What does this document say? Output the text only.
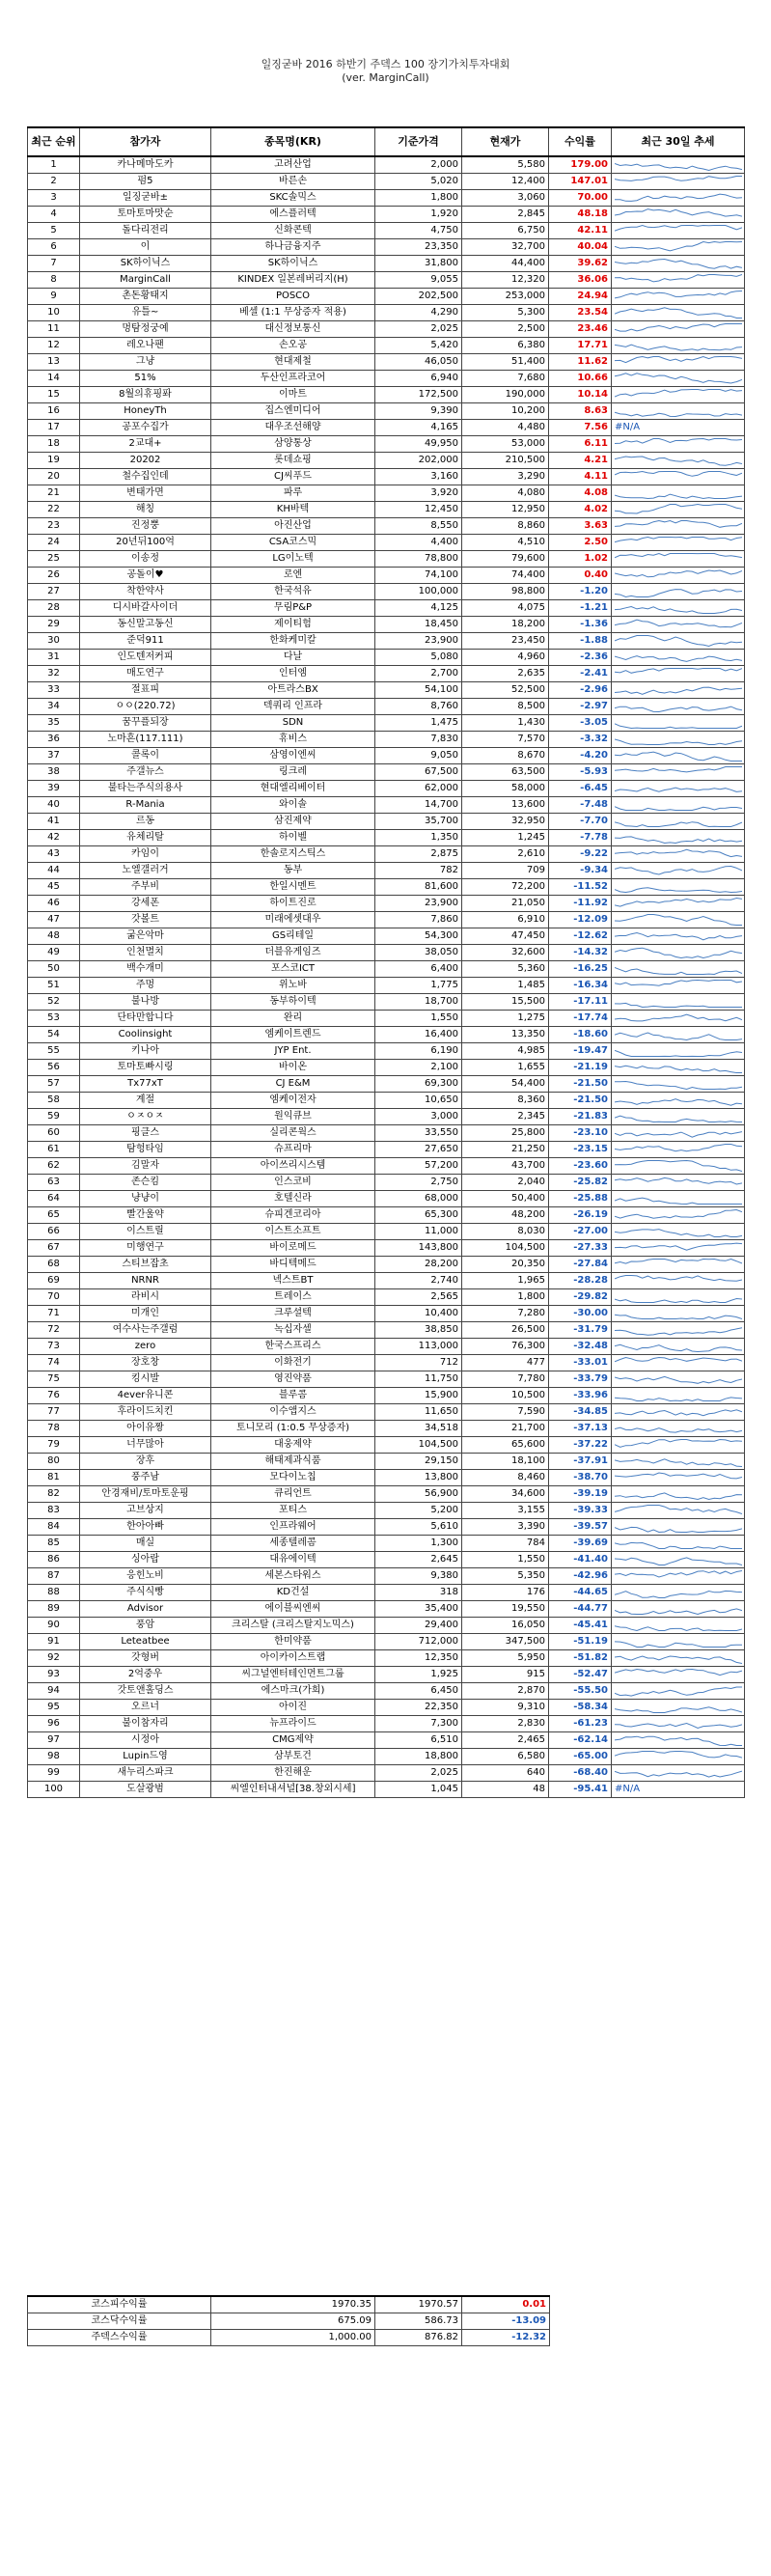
일징굳바 2016 하반기 주덱스 100 장기가치투자대회
(ver. MarginCall)
최근 순위	참가자	종목명(KR)	기준가격	현재가	수익률	최근 30일 추세
1	카나메마도카	고려산업	2,000	5,580	179.00	

2	펌5	바른손	5,020	12,400	147.01	

3	일징굳바±	SKC솔믹스	1,800	3,060	70.00	

4	토마토마맛순	에스플러텍	1,920	2,845	48.18	

5	돌다리전리	신화콘텍	4,750	6,750	42.11	

6	이	하나금융지주	23,350	32,700	40.04	

7	SK하이닉스	SK하이닉스	31,800	44,400	39.62	

8	MarginCall	KINDEX 일본레버리지(H)	9,055	12,320	36.06	

9	촌돈황태지	POSCO	202,500	253,000	24.94	

10	유틀~	베셀 (1:1 무상증자 적용)	4,290	5,300	23.54	

11	멍탐정궁예	대신정보통신	2,025	2,500	23.46	

12	레오나팬	손오공	5,420	6,380	17.71	

13	그냥	현대제철	46,050	51,400	11.62	

14	51%	두산인프라코어	6,940	7,680	10.66	

15	8월의휴핑퐈	이마트	172,500	190,000	10.14	

16	HoneyTh	집스엔미디어	9,390	10,200	8.63	

17	공포수집가	대우조선해양	4,165	4,480	7.56	#N/A
18	2교대+	삼양통상	49,950	53,000	6.11	

19	20202	롯데쇼핑	202,000	210,500	4.21	

20	철수집인데	CJ씨푸드	3,160	3,290	4.11	

21	변태가면	파루	3,920	4,080	4.08	

22	해칭	KH바텍	12,450	12,950	4.02	

23	진정뿡	아진산업	8,550	8,860	3.63	

24	20년뒤100억	CSA코스믹	4,400	4,510	2.50	

25	이송정	LG이노텍	78,800	79,600	1.02	

26	공돌이♥	로엔	74,100	74,400	0.40	

27	착한약사	한국석유	100,000	98,800	-1.20	

28	디시바갈사이더	무림P&P	4,125	4,075	-1.21	

29	동신말고동신	제이티험	18,450	18,200	-1.36	

30	준덕911	한화케미칼	23,900	23,450	-1.88	

31	인도텐저커피	다날	5,080	4,960	-2.36	

32	매도연구	인터엠	2,700	2,635	-2.41	

33	절표피	아트라스BX	54,100	52,500	-2.96	

34	ㅇㅇ(220.72)	덱쿼리 인프라	8,760	8,500	-2.97	

35	꿈꾸플되장	SDN	1,475	1,430	-3.05	

36	노마흔(117.111)	휴비스	7,830	7,570	-3.32	

37	콜록이	삼영이엔씨	9,050	8,670	-4.20	

38	주갤뉴스	링크레	67,500	63,500	-5.93	

39	불타는주식의용사	현대엘리베이터	62,000	58,000	-6.45	

40	R-Mania	와이솔	14,700	13,600	-7.48	

41	르동	삼진제약	35,700	32,950	-7.70	

42	유체리탈	하이벨	1,350	1,245	-7.78	

43	카임이	한솔로지스틱스	2,875	2,610	-9.22	

44	노엘갤러거	동부	782	709	-9.34	

45	주부비	한일시멘트	81,600	72,200	-11.52	

46	강세폰	하이트진로	23,900	21,050	-11.92	

47	갓볼트	미래에셋대우	7,860	6,910	-12.09	

48	굶은악마	GS리테일	54,300	47,450	-12.62	

49	인천멸치	더블유게임즈	38,050	32,600	-14.32	

50	백수개미	포스코ICT	6,400	5,360	-16.25	

51	주멍	위노바	1,775	1,485	-16.34	

52	불나방	동부하이텍	18,700	15,500	-17.11	

53	단타만합니다	완리	1,550	1,275	-17.74	

54	Coolinsight	엠케이트렌드	16,400	13,350	-18.60	

55	키나아	JYP Ent.	6,190	4,985	-19.47	

56	토마토빠시링	바이온	2,100	1,655	-21.19	

57	Tx77xT	CJ E&M	69,300	54,400	-21.50	

58	계절	엠케이전자	10,650	8,360	-21.50	

59	ㅇㅈㅇㅈ	원익큐브	3,000	2,345	-21.83	

60	핑클스	실리콘웍스	33,550	25,800	-23.10	

61	탐헝타임	슈프리마	27,650	21,250	-23.15	

62	김말자	아이쓰리시스템	57,200	43,700	-23.60	

63	존슨킴	인스코비	2,750	2,040	-25.82	

64	냥냥이	호텔신라	68,000	50,400	-25.88	

65	빨간울약	슈피겐코리아	65,300	48,200	-26.19	

66	이스트릴	이스트소프트	11,000	8,030	-27.00	

67	미행연구	바이로메드	143,800	104,500	-27.33	

68	스티브잡초	바디텍메드	28,200	20,350	-27.84	

69	NRNR	넥스트BT	2,740	1,965	-28.28	

70	라비시	트레이스	2,565	1,800	-29.82	

71	미개인	크루셜텍	10,400	7,280	-30.00	

72	여수사는주갤럼	녹십자셀	38,850	26,500	-31.79	

73	zero	한국스프리스	113,000	76,300	-32.48	

74	장호창	이화전기	712	477	-33.01	

75	킹시발	영진약품	11,750	7,780	-33.79	

76	4ever유니콘	블루콤	15,900	10,500	-33.96	

77	후라이드치킨	이수앱지스	11,650	7,590	-34.85	

78	아이유짱	토니모리 (1:0.5 무상증자)	34,518	21,700	-37.13	

79	너무많아	대웅제약	104,500	65,600	-37.22	

80	장후	해태제과식품	29,150	18,100	-37.91	

81	풍주남	모다이노칩	13,800	8,460	-38.70	

82	안경재비/토마토운핑	큐리언트	56,900	34,600	-39.19	

83	고브상지	포티스	5,200	3,155	-39.33	

84	한아아빠	인프라웨어	5,610	3,390	-39.57	

85	매실	세종텔레콤	1,300	784	-39.69	

86	싱아랍	대유에이텍	2,645	1,550	-41.40	

87	응힌노비	세본스타워스	9,380	5,350	-42.96	

88	주식식빵	KD건설	318	176	-44.65	

89	Advisor	에이블씨엔씨	35,400	19,550	-44.77	

90	풍암	크리스탈 (크리스탈지노믹스)	29,400	16,050	-45.41	

91	Leteatbee	한미약품	712,000	347,500	-51.19	

92	갓형버	아이카이스트랩	12,350	5,950	-51.82	

93	2억중우	씨그널엔터테인먼트그룹	1,925	915	-52.47	

94	갓토앤홀딩스	에스마크(가희)	6,450	2,870	-55.50	

95	오르너	아이진	22,350	9,310	-58.34	

96	불이참자리	뉴프라이드	7,300	2,830	-61.23	

97	시정아	CMG제약	6,510	2,465	-62.14	

98	Lupin드영	삼부토건	18,800	6,580	-65.00	

99	새누리스파크	한진해운	2,025	640	-68.40	

100	도살광범	씨엘인터내셔널[38.창외시세]	1,045	48	-95.41	#N/A
코스피수익률	1970.35	1970.57	0.01
코스닥수익률	675.09	586.73	-13.09
주덱스수익률	1,000.00	876.82	-12.32
